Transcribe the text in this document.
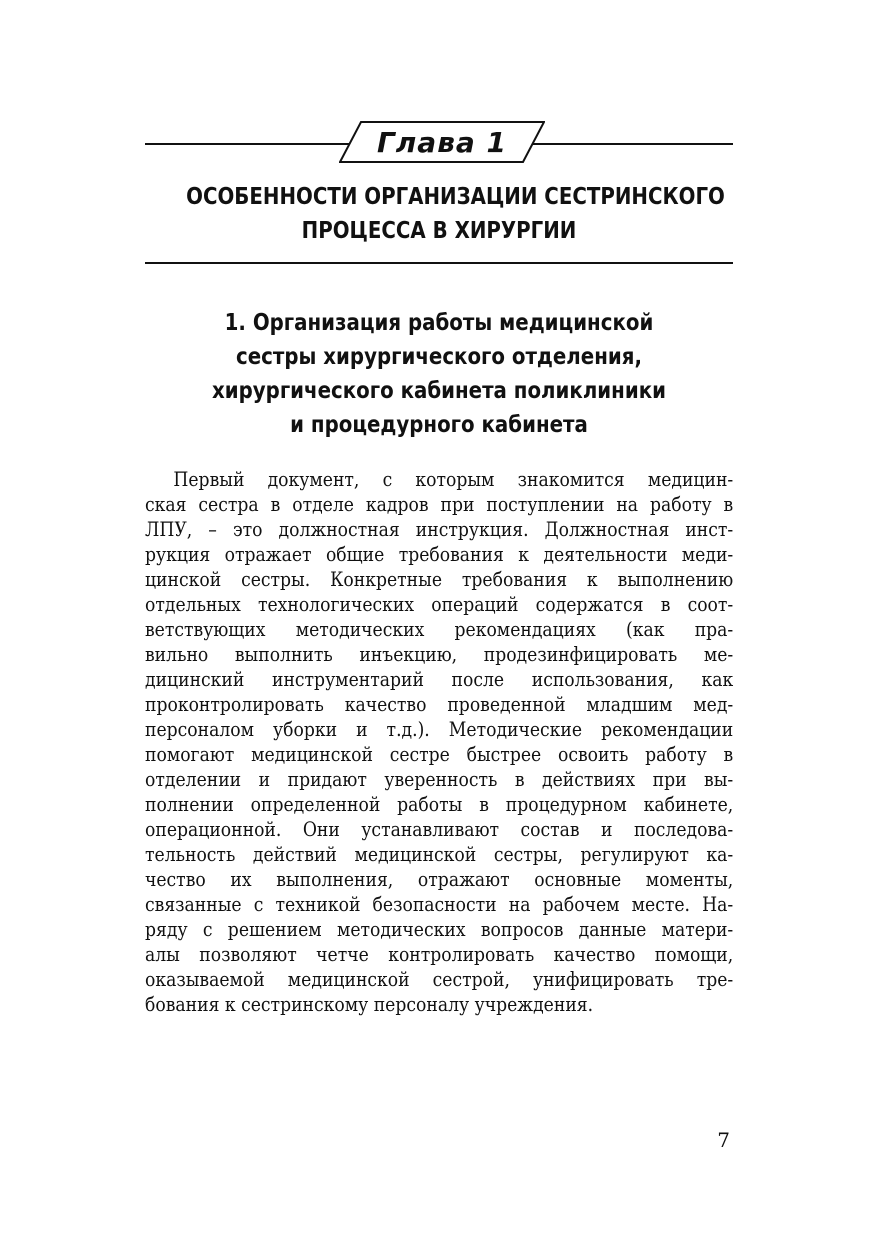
Глава 1
ОСОБЕННОСТИ ОРГАНИЗАЦИИ СЕСТРИНСКОГО
ПРОЦЕССА В ХИРУРГИИ
1. Организация работы медицинской
сестры хирургического отделения,
хирургического кабинета поликлиники
и процедурного кабинета
Первый документ, с которым знакомится медицин-
ская сестра в отделе кадров при поступлении на работу в
ЛПУ, – это должностная инструкция. Должностная инст-
рукция отражает общие требования к деятельности меди-
цинской сестры. Конкретные требования к выполнению
отдельных технологических операций содержатся в соот-
ветствующих методических рекомендациях (как пра-
вильно выполнить инъекцию, продезинфицировать ме-
дицинский инструментарий после использования, как
проконтролировать качество проведенной младшим мед-
персоналом уборки и т.д.). Методические рекомендации
помогают медицинской сестре быстрее освоить работу в
отделении и придают уверенность в действиях при вы-
полнении определенной работы в процедурном кабинете,
операционной. Они устанавливают состав и последова-
тельность действий медицинской сестры, регулируют ка-
чество их выполнения, отражают основные моменты,
связанные с техникой безопасности на рабочем месте. На-
ряду с решением методических вопросов данные матери-
алы позволяют четче контролировать качество помощи,
оказываемой медицинской сестрой, унифицировать тре-
бования к сестринскому персоналу учреждения.
7
